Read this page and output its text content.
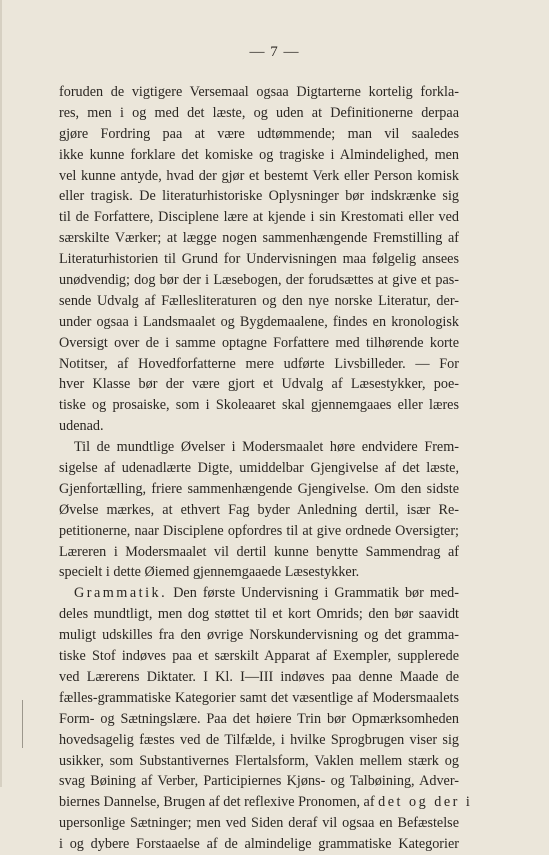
— 7 —
foruden de vigtigere Versemaal ogsaa Digtarterne kortelig forkla-
res, men i og med det læste, og uden at Definitionerne derpaa
gjøre Fordring paa at være udtømmende; man vil saaledes
ikke kunne forklare det komiske og tragiske i Almindelighed, men
vel kunne antyde, hvad der gjør et bestemt Verk eller Person komisk
eller tragisk. De literaturhistoriske Oplysninger bør indskrænke sig
til de Forfattere, Disciplene lære at kjende i sin Krestomati eller ved
særskilte Værker; at lægge nogen sammenhængende Fremstilling af
Literaturhistorien til Grund for Undervisningen maa følgelig ansees
unødvendig; dog bør der i Læsebogen, der forudsættes at give et pas-
sende Udvalg af Fællesliteraturen og den nye norske Literatur, der-
under ogsaa i Landsmaalet og Bygdemaalene, findes en kronologisk
Oversigt over de i samme optagne Forfattere med tilhørende korte
Notitser, af Hovedforfatterne mere udførte Livsbilleder. — For
hver Klasse bør der være gjort et Udvalg af Læsestykker, poe-
tiske og prosaiske, som i Skoleaaret skal gjennemgaaes eller læres
udenad.
Til de mundtlige Øvelser i Modersmaalet høre endvidere Frem-
sigelse af udenadlærte Digte, umiddelbar Gjengivelse af det læste,
Gjenfortælling, friere sammenhængende Gjengivelse. Om den sidste
Øvelse mærkes, at ethvert Fag byder Anledning dertil, især Re-
petitionerne, naar Disciplene opfordres til at give ordnede Oversigter;
Læreren i Modersmaalet vil dertil kunne benytte Sammendrag af
specielt i dette Øiemed gjennemgaaede Læsestykker.
Grammatik. Den første Undervisning i Grammatik bør med-
deles mundtligt, men dog støttet til et kort Omrids; den bør saavidt
muligt udskilles fra den øvrige Norskundervisning og det gramma-
tiske Stof indøves paa et særskilt Apparat af Exempler, supplerede
ved Lærerens Diktater. I Kl. I—III indøves paa denne Maade de
fælles-grammatiske Kategorier samt det væsentlige af Modersmaalets
Form- og Sætningslære. Paa det høiere Trin bør Opmærksomheden
hovedsagelig fæstes ved de Tilfælde, i hvilke Sprogbrugen viser sig
usikker, som Substantivernes Flertalsform, Vaklen mellem stærk og
svag Bøining af Verber, Participiernes Kjøns- og Talbøining, Adver-
biernes Dannelse, Brugen af det reflexive Pronomen, af det og der i
upersonlige Sætninger; men ved Siden deraf vil ogsaa en Befæstelse
i og dybere Forstaaelse af de almindelige grammatiske Kategorier
